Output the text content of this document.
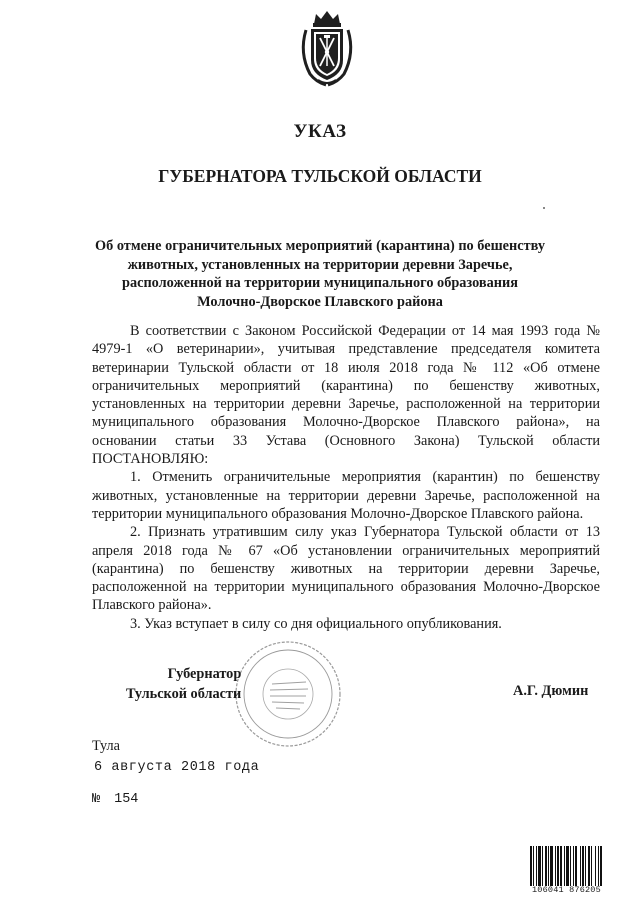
УКАЗ
ГУБЕРНАТОРА ТУЛЬСКОЙ ОБЛАСТИ
Об отмене ограничительных мероприятий (карантина) по бешенству
животных, установленных на территории деревни Заречье,
расположенной на территории муниципального образования
Молочно-Дворское Плавского района

В соответствии с Законом Российской Федерации от 14 мая 1993 года № 4979-1 «О ветеринарии», учитывая представление председателя комитета ветеринарии Тульской области от 18 июля 2018 года № 112 «Об отмене ограничительных мероприятий (карантина) по бешенству животных, установленных на территории деревни Заречье, расположенной на территории муниципального образования Молочно-Дворское Плавского района», на основании статьи 33 Устава (Основного Закона) Тульской области ПОСТАНОВЛЯЮ:

1. Отменить ограничительные мероприятия (карантин) по бешенству животных, установленные на территории деревни Заречье, расположенной на территории муниципального образования Молочно-Дворское Плавского района.

2. Признать утратившим силу указ Губернатора Тульской области от 13 апреля 2018 года № 67 «Об установлении ограничительных мероприятий (карантина) по бешенству животных на территории деревни Заречье, расположенной на территории муниципального образования Молочно-Дворское Плавского района».

3. Указ вступает в силу со дня официального опубликования.

Губернатор
Тульской области	А.Г. Дюмин
Тула
6 августа 2018 года
№ 154
106041 876205
